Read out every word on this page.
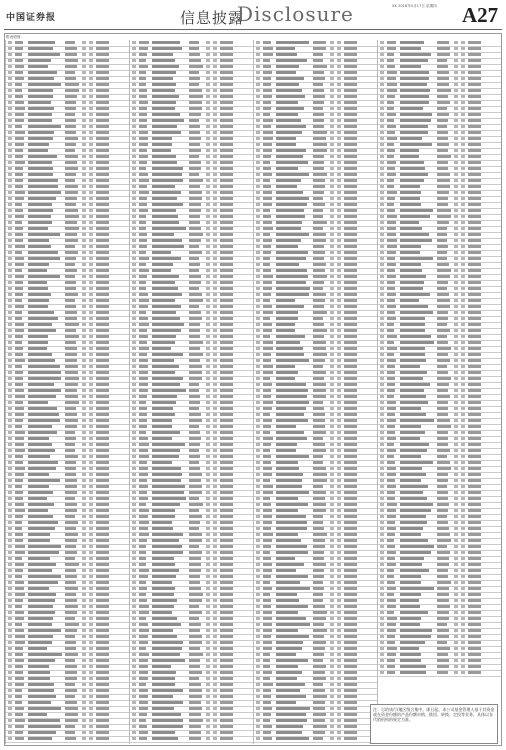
中国证券报	信息披露
Disclosure	XX 2018年5月17日 星期四 A27
附表明细：
注：尽的该行/地区级合集中，即日起，本公司基金管理人基于其资金或在资金份额的产品份额申购、赎回、转换、定投等业务，具体以各代销机构的规定为准。
